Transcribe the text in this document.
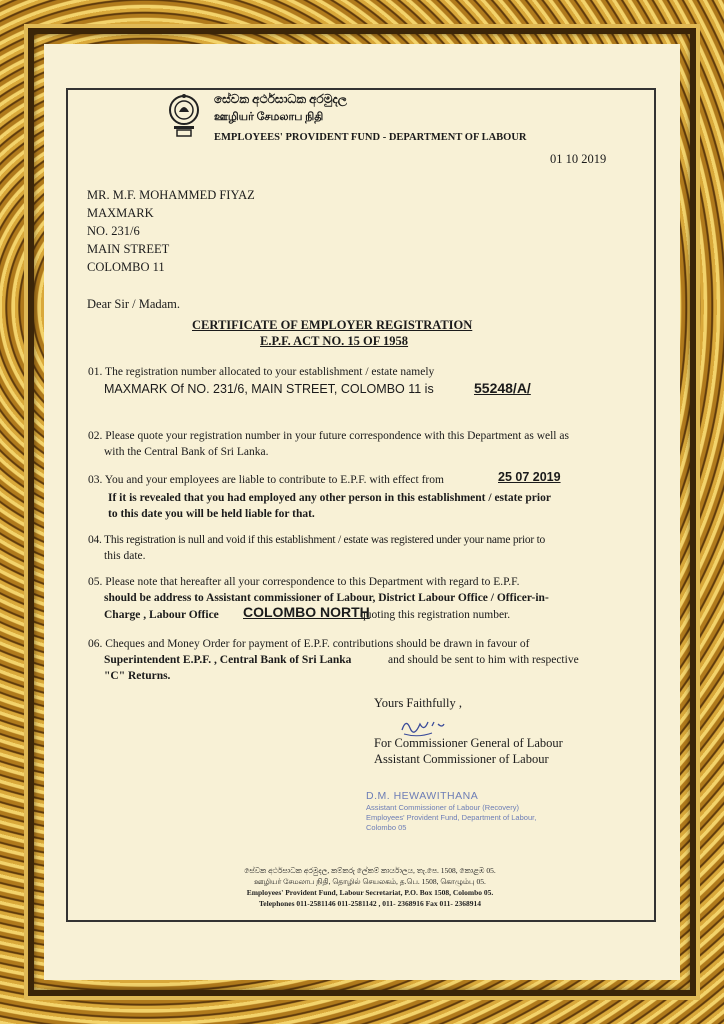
සේවක අර්ථසාධක අරමුදල
ஊழியர் சேமலாப நிதி
EMPLOYEES' PROVIDENT FUND - DEPARTMENT OF LABOUR
01 10 2019
MR. M.F. MOHAMMED FIYAZ
MAXMARK
NO. 231/6
MAIN STREET
COLOMBO 11
Dear Sir / Madam.
CERTIFICATE OF EMPLOYER REGISTRATION
E.P.F. ACT NO. 15 OF 1958
01. The registration number allocated to your establishment / estate namely
MAXMARK Of NO. 231/6, MAIN STREET, COLOMBO 11 is	55248/A/
02. Please quote your registration number in your future correspondence with this Department as well as
with the Central Bank of Sri Lanka.
03. You and your employees are liable to contribute to E.P.F. with effect from	25 07 2019
If it is revealed that you had employed any other person in this establishment / estate prior
to this date you will be held liable for that.
04. This registration is null and void if this establishment / estate was registered under your name prior to
this date.
05. Please note that hereafter all your correspondence to this Department with regard to E.P.F.
should be address to Assistant commissioner of Labour, District Labour Office / Officer-in-
Charge , Labour Office COLOMBO NORTH
quoting this registration number.
06. Cheques and Money Order for payment of E.P.F. contributions should be drawn in favour of
Superintendent E.P.F. , Central Bank of Sri Lanka	and should be sent to him with respective
"C" Returns.
Yours Faithfully ,
For Commissioner General of Labour
Assistant Commissioner of Labour
D.M. HEWAWITHANA
Assistant Commissioner of Labour (Recovery)
Employees' Provident Fund, Department of Labour,
Colombo 05
සේවක අර්ථසාධක අරමුදල, කම්කරු ලේකම් කාර්යාලය, තැ.පෙ. 1508, කොළඹ 05.
ஊழியர் சேமலாப நிதி, தொழில் செயலகம், த.பெ. 1508, கொழும்பு 05.
Employees' Provident Fund, Labour Secretariat, P.O. Box 1508, Colombo 05.
Telephones 011-2581146 011-2581142 , 011- 2368916 Fax 011- 2368914
